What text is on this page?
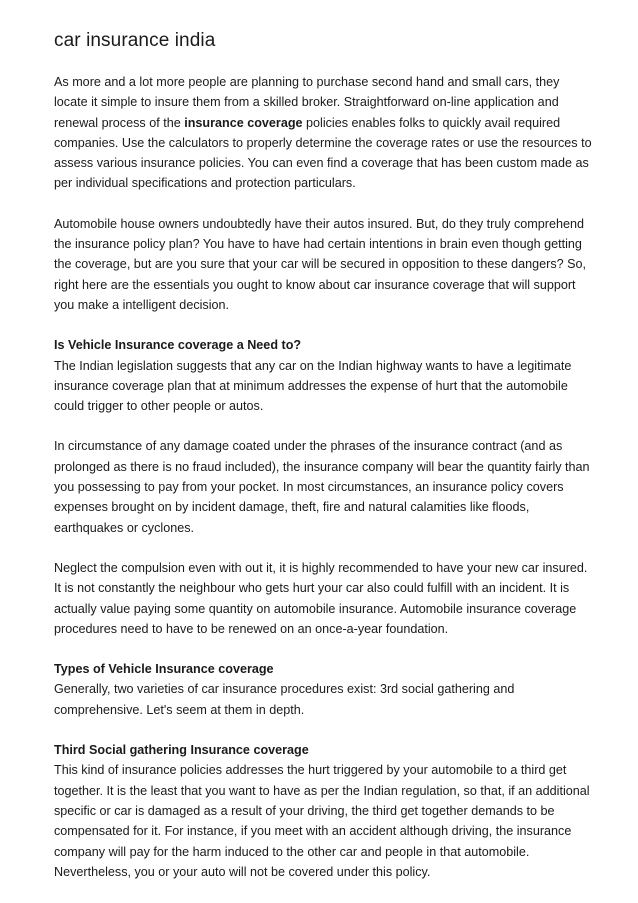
car insurance india

As more and a lot more people are planning to purchase second hand and small cars, they locate it simple to insure them from a skilled broker. Straightforward on-line application and renewal process of the insurance coverage policies enables folks to quickly avail required companies. Use the calculators to properly determine the coverage rates or use the resources to assess various insurance policies. You can even find a coverage that has been custom made as per individual specifications and protection particulars.

Automobile house owners undoubtedly have their autos insured. But, do they truly comprehend the insurance policy plan? You have to have had certain intentions in brain even though getting the coverage, but are you sure that your car will be secured in opposition to these dangers? So, right here are the essentials you ought to know about car insurance coverage that will support you make a intelligent decision.

Is Vehicle Insurance coverage a Need to?
The Indian legislation suggests that any car on the Indian highway wants to have a legitimate insurance coverage plan that at minimum addresses the expense of hurt that the automobile could trigger to other people or autos.

In circumstance of any damage coated under the phrases of the insurance contract (and as prolonged as there is no fraud included), the insurance company will bear the quantity fairly than you possessing to pay from your pocket. In most circumstances, an insurance policy covers expenses brought on by incident damage, theft, fire and natural calamities like floods, earthquakes or cyclones.

Neglect the compulsion even with out it, it is highly recommended to have your new car insured. It is not constantly the neighbour who gets hurt your car also could fulfill with an incident. It is actually value paying some quantity on automobile insurance. Automobile insurance coverage procedures need to have to be renewed on an once-a-year foundation.

Types of Vehicle Insurance coverage
Generally, two varieties of car insurance procedures exist: 3rd social gathering and comprehensive. Let's seem at them in depth.

Third Social gathering Insurance coverage
This kind of insurance policies addresses the hurt triggered by your automobile to a third get together. It is the least that you want to have as per the Indian regulation, so that, if an additional specific or car is damaged as a result of your driving, the third get together demands to be compensated for it. For instance, if you meet with an accident although driving, the insurance company will pay for the harm induced to the other car and people in that automobile. Nevertheless, you or your auto will not be covered under this policy.
